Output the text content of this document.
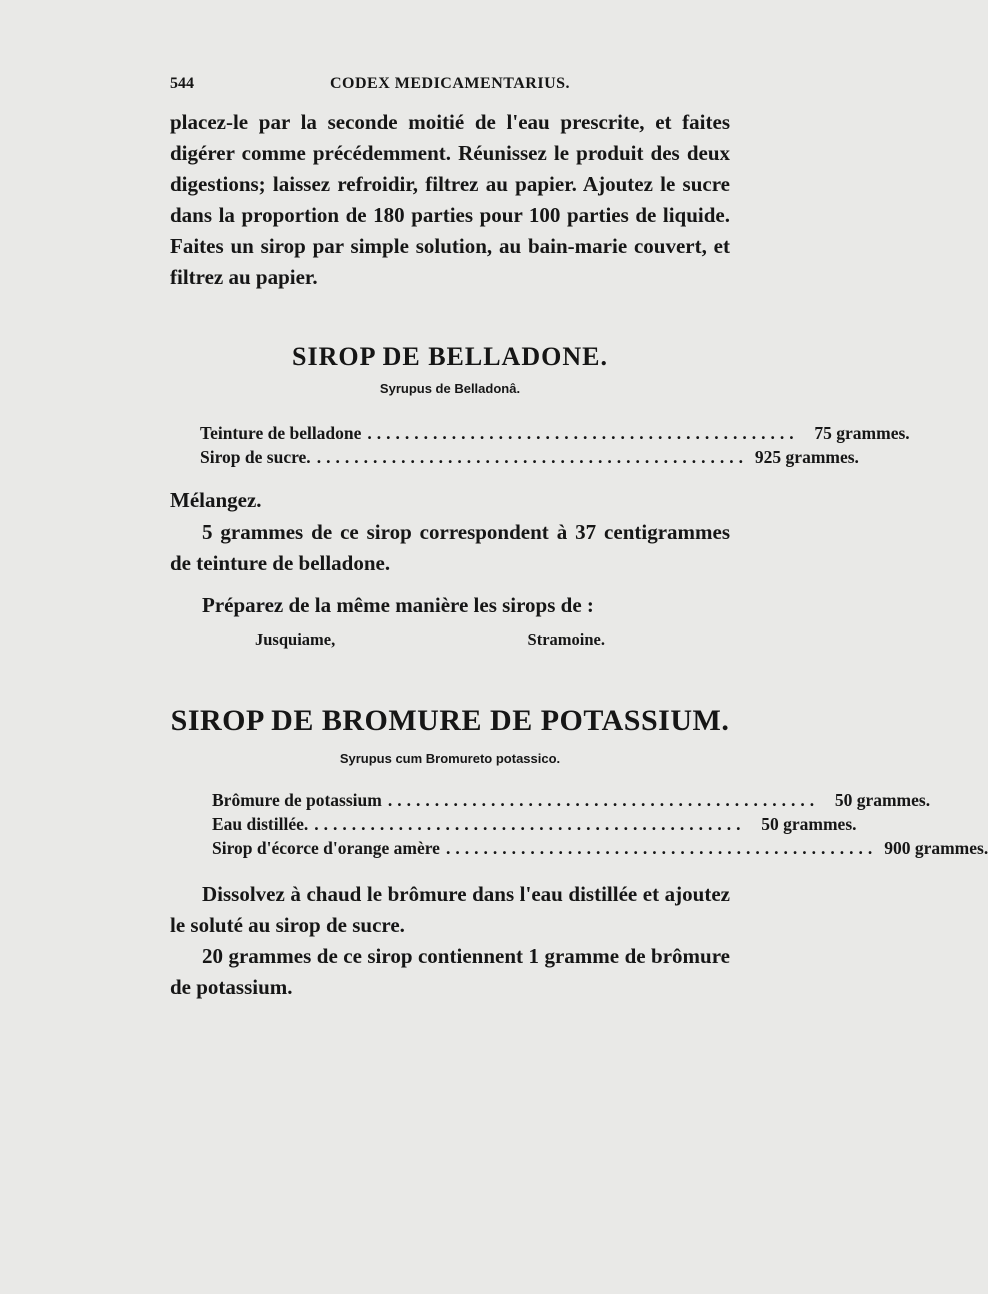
544	CODEX MEDICAMENTARIUS.
placez-le par la seconde moitié de l'eau prescrite, et faites digérer comme précédemment. Réunissez le produit des deux digestions; laissez refroidir, filtrez au papier. Ajoutez le sucre dans la proportion de 180 parties pour 100 parties de liquide. Faites un sirop par simple solution, au bain-marie couvert, et filtrez au papier.
SIROP DE BELLADONE.
Syrupus de Belladonâ.
Teinture de belladone .............................................. 75 grammes.
Sirop de sucre. .............................................. 925 grammes.
Mélangez.
5 grammes de ce sirop correspondent à 37 centigrammes de teinture de belladone.
Préparez de la même manière les sirops de :
Jusquiame,	Stramoine.
SIROP DE BROMURE DE POTASSIUM.
Syrupus cum Bromureto potassico.
Brômure de potassium .............................................. 50 grammes.
Eau distillée. .............................................. 50 grammes.
Sirop d'écorce d'orange amère .............................................. 900 grammes.
Dissolvez à chaud le brômure dans l'eau distillée et ajoutez le soluté au sirop de sucre.
20 grammes de ce sirop contiennent 1 gramme de brômure de potassium.
